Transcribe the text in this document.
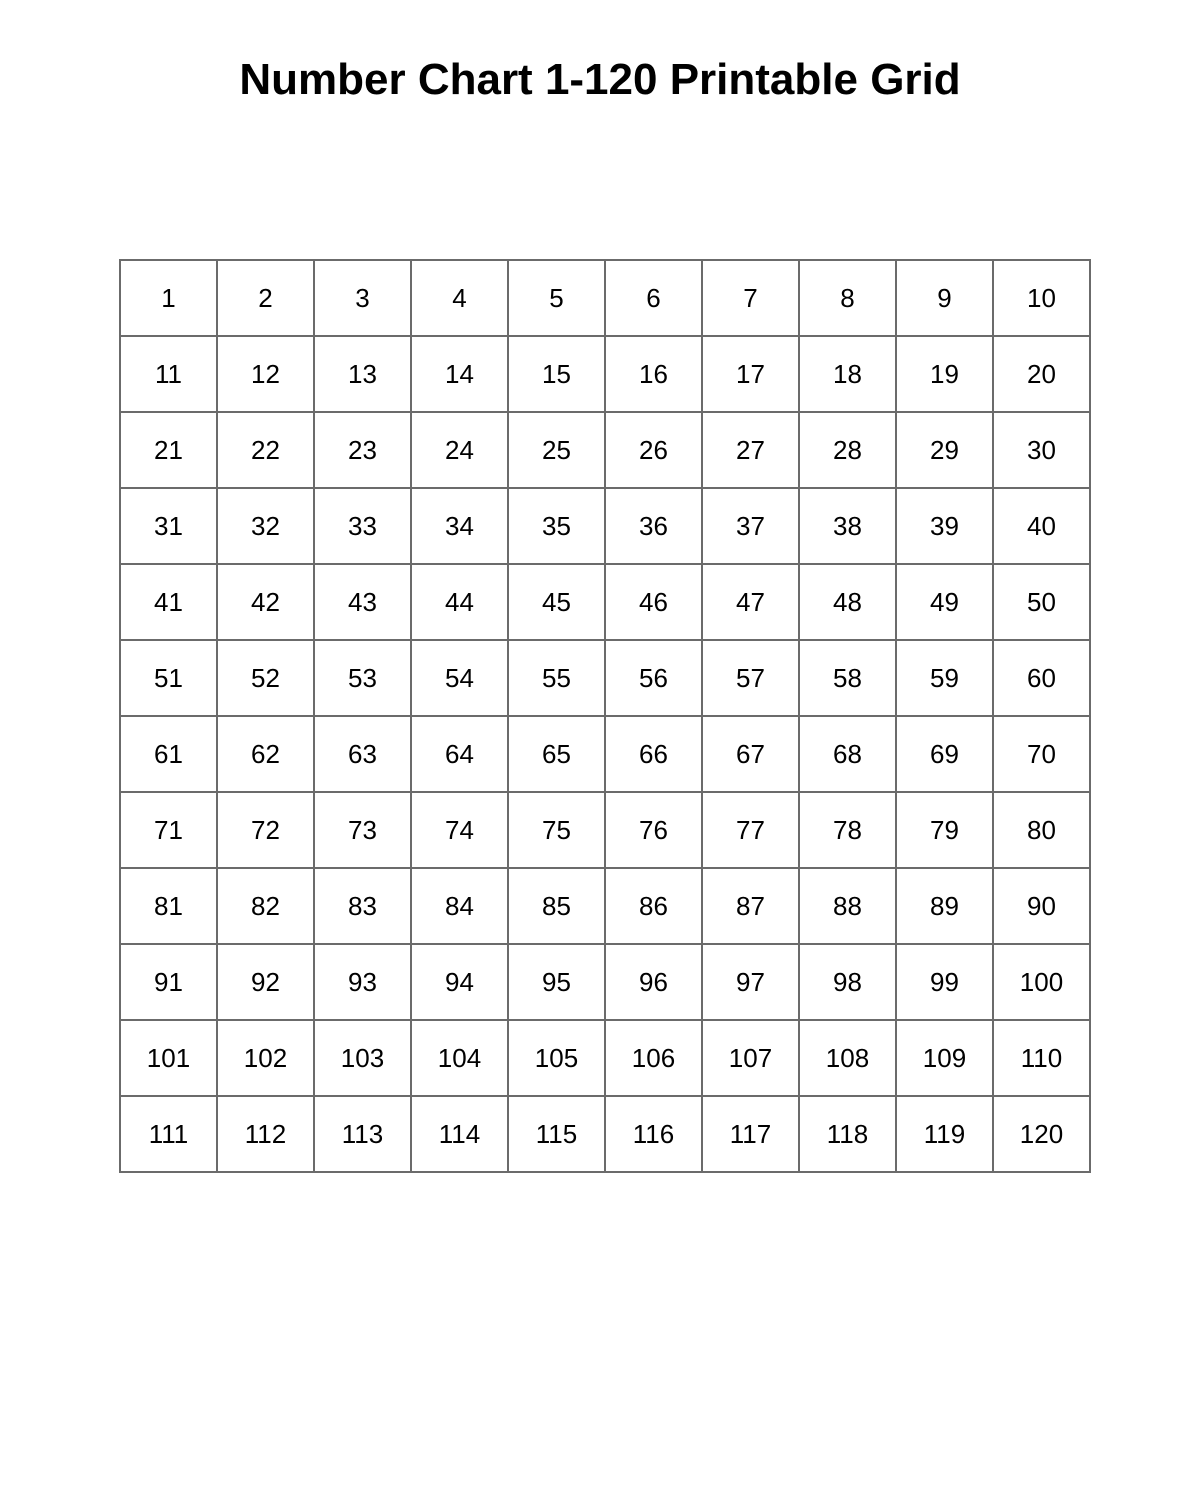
Number Chart 1-120 Printable Grid
1	2	3	4	5	6	7	8	9	10
11	12	13	14	15	16	17	18	19	20
21	22	23	24	25	26	27	28	29	30
31	32	33	34	35	36	37	38	39	40
41	42	43	44	45	46	47	48	49	50
51	52	53	54	55	56	57	58	59	60
61	62	63	64	65	66	67	68	69	70
71	72	73	74	75	76	77	78	79	80
81	82	83	84	85	86	87	88	89	90
91	92	93	94	95	96	97	98	99	100
101	102	103	104	105	106	107	108	109	110
111	112	113	114	115	116	117	118	119	120
